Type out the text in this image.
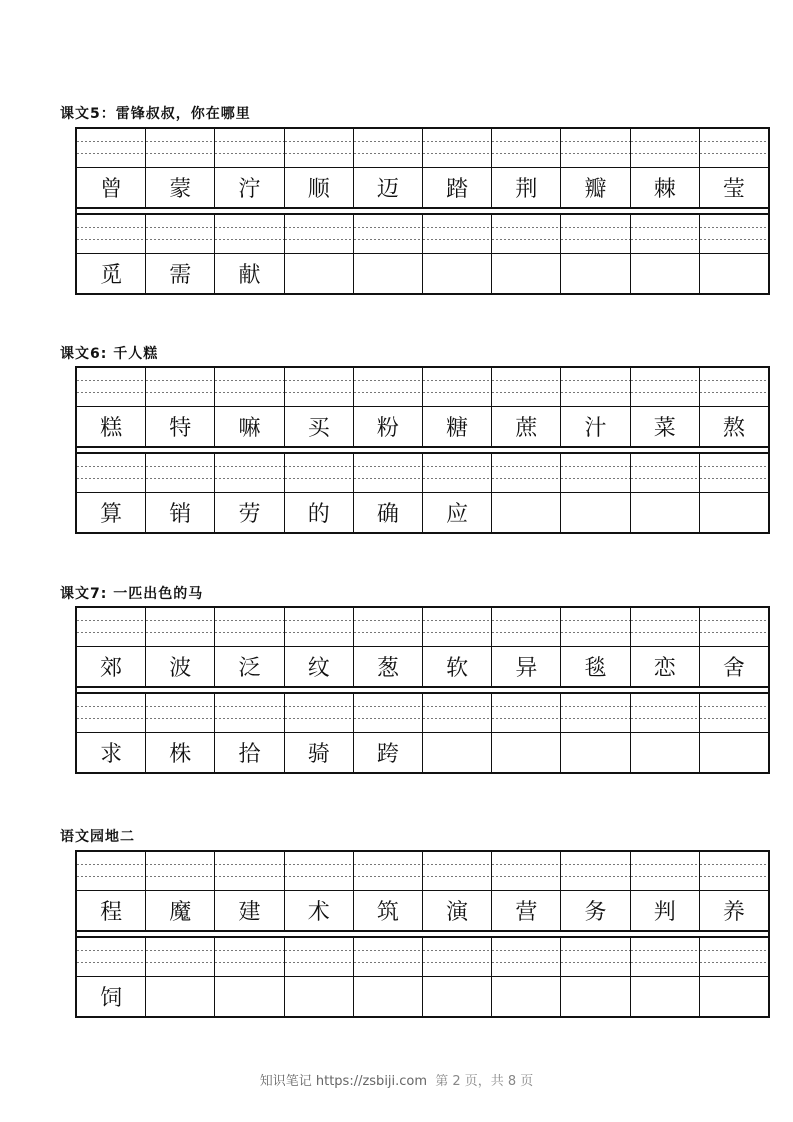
课文5：雷锋叔叔，你在哪里
曾	蒙	泞	顺	迈	踏	荆	瓣	棘	莹
觅	需	献
课文6: 千人糕
糕	特	嘛	买	粉	糖	蔗	汁	菜	熬
算	销	劳	的	确	应
课文7: 一匹出色的马
郊	波	泛	纹	葱	软	异	毯	恋	舍
求	株	拾	骑	跨
语文园地二
程	魔	建	术	筑	演	营	务	判	养
饲
知识笔记 https://zsbiji.com 第 2 页，共 8 页
